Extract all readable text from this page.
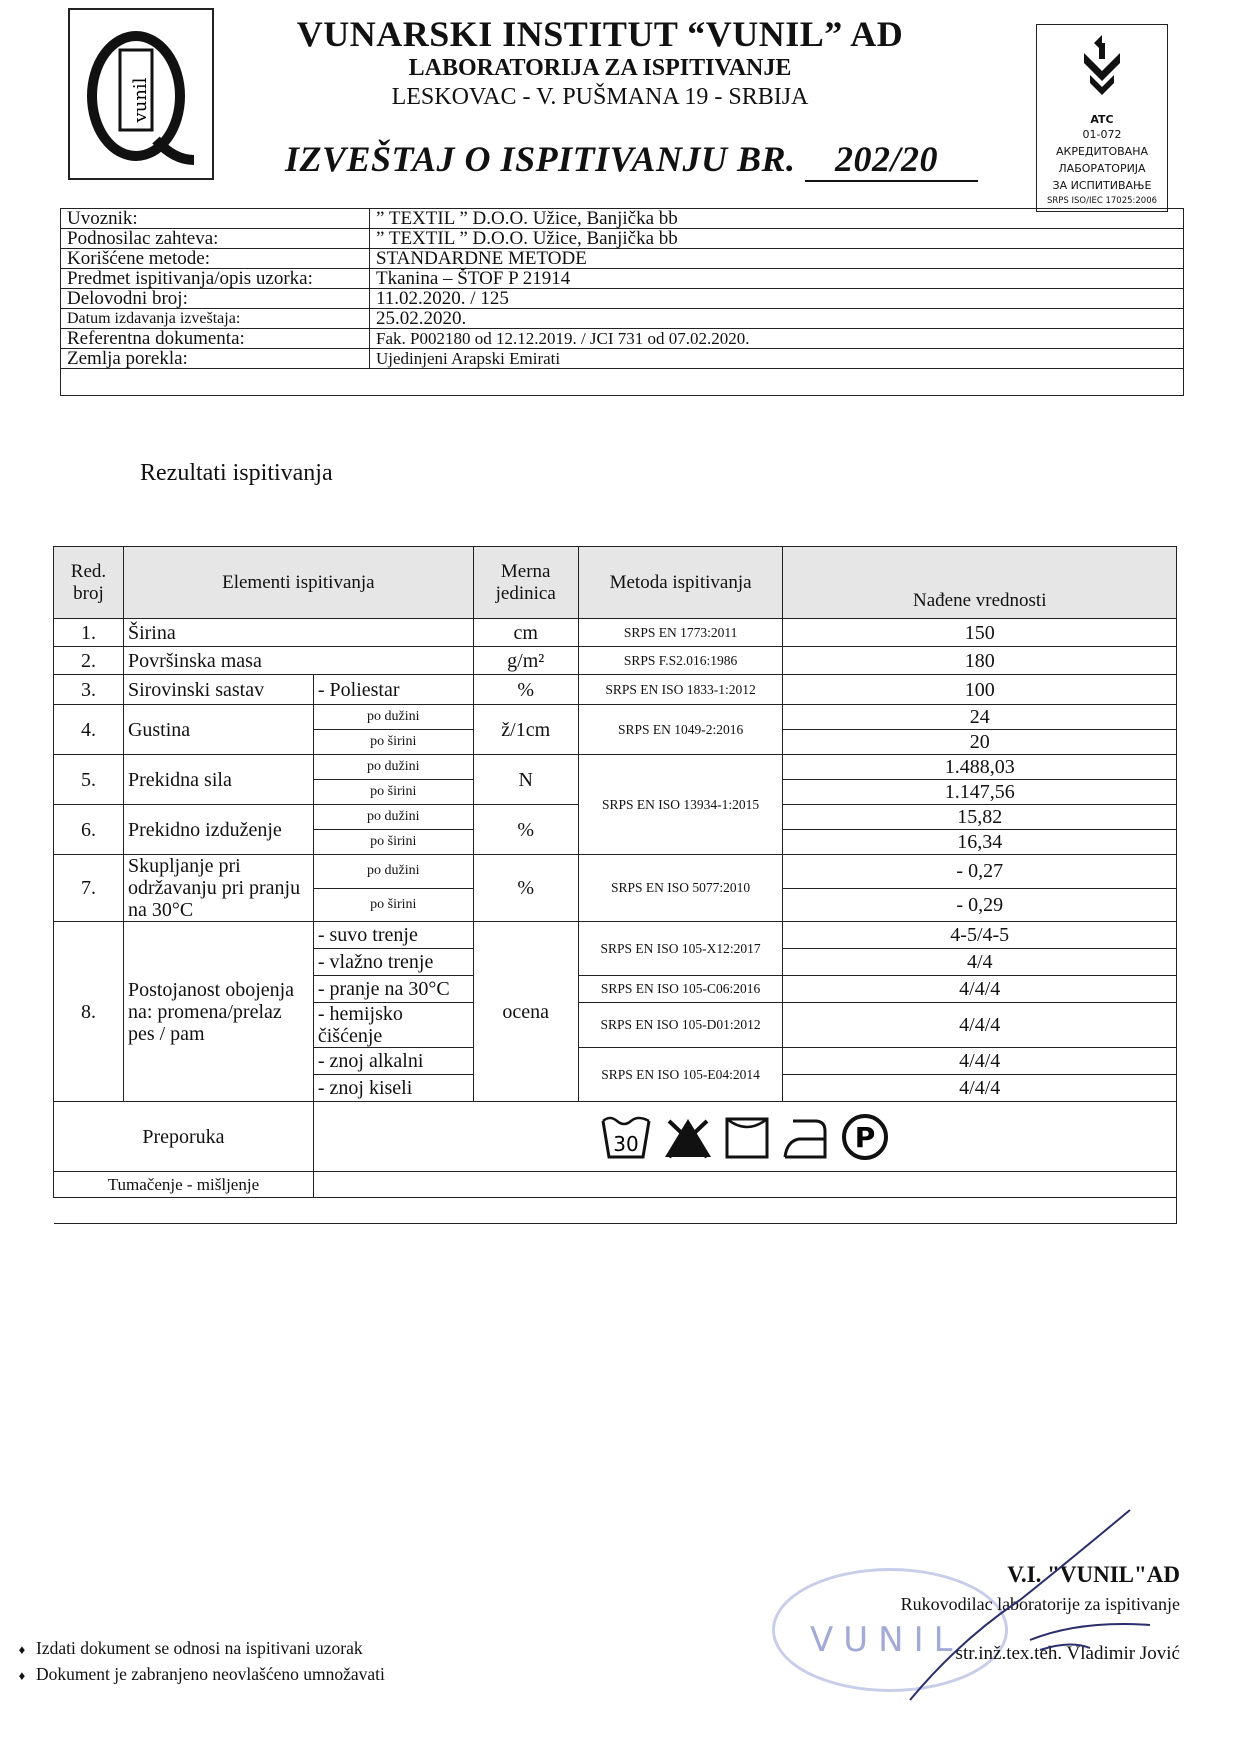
vunil
VUNARSKI INSTITUT “VUNIL” AD
LABORATORIJA ZA ISPITIVANJE
LESKOVAC - V. PUŠMANA 19 - SRBIJA
IZVEŠTAJ O ISPITIVANJU BR. 202/20
ATC
01-072
АКРЕДИТОВАНА
ЛАБОРАТОРИЈА
ЗА ИСПИТИВАЊЕ
SRPS ISO/IEC 17025:2006
Uvoznik:	” TEXTIL ” D.O.O. Užice, Banjička bb
Podnosilac zahteva:	” TEXTIL ” D.O.O. Užice, Banjička bb
Korišćene metode:	STANDARDNE METODE
Predmet ispitivanja/opis uzorka:	Tkanina – ŠTOF P 21914
Delovodni broj:	11.02.2020. / 125
Datum izdavanja izveštaja:	25.02.2020.
Referentna dokumenta:	Fak. P002180 od 12.12.2019. / JCI 731 od 07.02.2020.
Zemlja porekla:	Ujedinjeni Arapski Emirati

Rezultati ispitivanja
Red. broj	Elementi ispitivanja		Merna jedinica	Metoda ispitivanja	Nađene vrednosti
1.	Širina		cm	SRPS EN 1773:2011	150
2.	Površinska masa		g/m²	SRPS F.S2.016:1986	180
3.	Sirovinski sastav	- Poliestar	%	SRPS EN ISO 1833-1:2012	100
4.	Gustina	po dužini	ž/1cm	SRPS EN 1049-2:2016	24
		po širini			20
5.	Prekidna sila	po dužini	N	SRPS EN ISO 13934-1:2015	1.488,03
		po širini			1.147,56
6.	Prekidno izduženje	po dužini	%		15,82
		po širini			16,34
7.	Skupljanje pri održavanju pri pranju na 30°C	po dužini	%	SRPS EN ISO 5077:2010	- 0,27
		po širini			- 0,29
8.	Postojanost obojenja na: promena/prelaz pes / pam	- suvo trenje	ocena	SRPS EN ISO 105-X12:2017	4-5/4-5
		- vlažno trenje			4/4
		- pranje na 30°C		SRPS EN ISO 105-C06:2016	4/4/4
		- hemijsko čišćenje		SRPS EN ISO 105-D01:2012	4/4/4
		- znoj alkalni		SRPS EN ISO 105-E04:2014	4/4/4
		- znoj kiseli			4/4/4
Preporuka		30 P			

Tumačenje - mišljenje					

♦ Izdati dokument se odnosi na ispitivani uzorak
♦ Dokument je zabranjeno neovlašćeno umnožavati
VUNIL
V.I. "VUNIL"AD
Rukovodilac laboratorije za ispitivanje
str.inž.tex.teh. Vladimir Jović
